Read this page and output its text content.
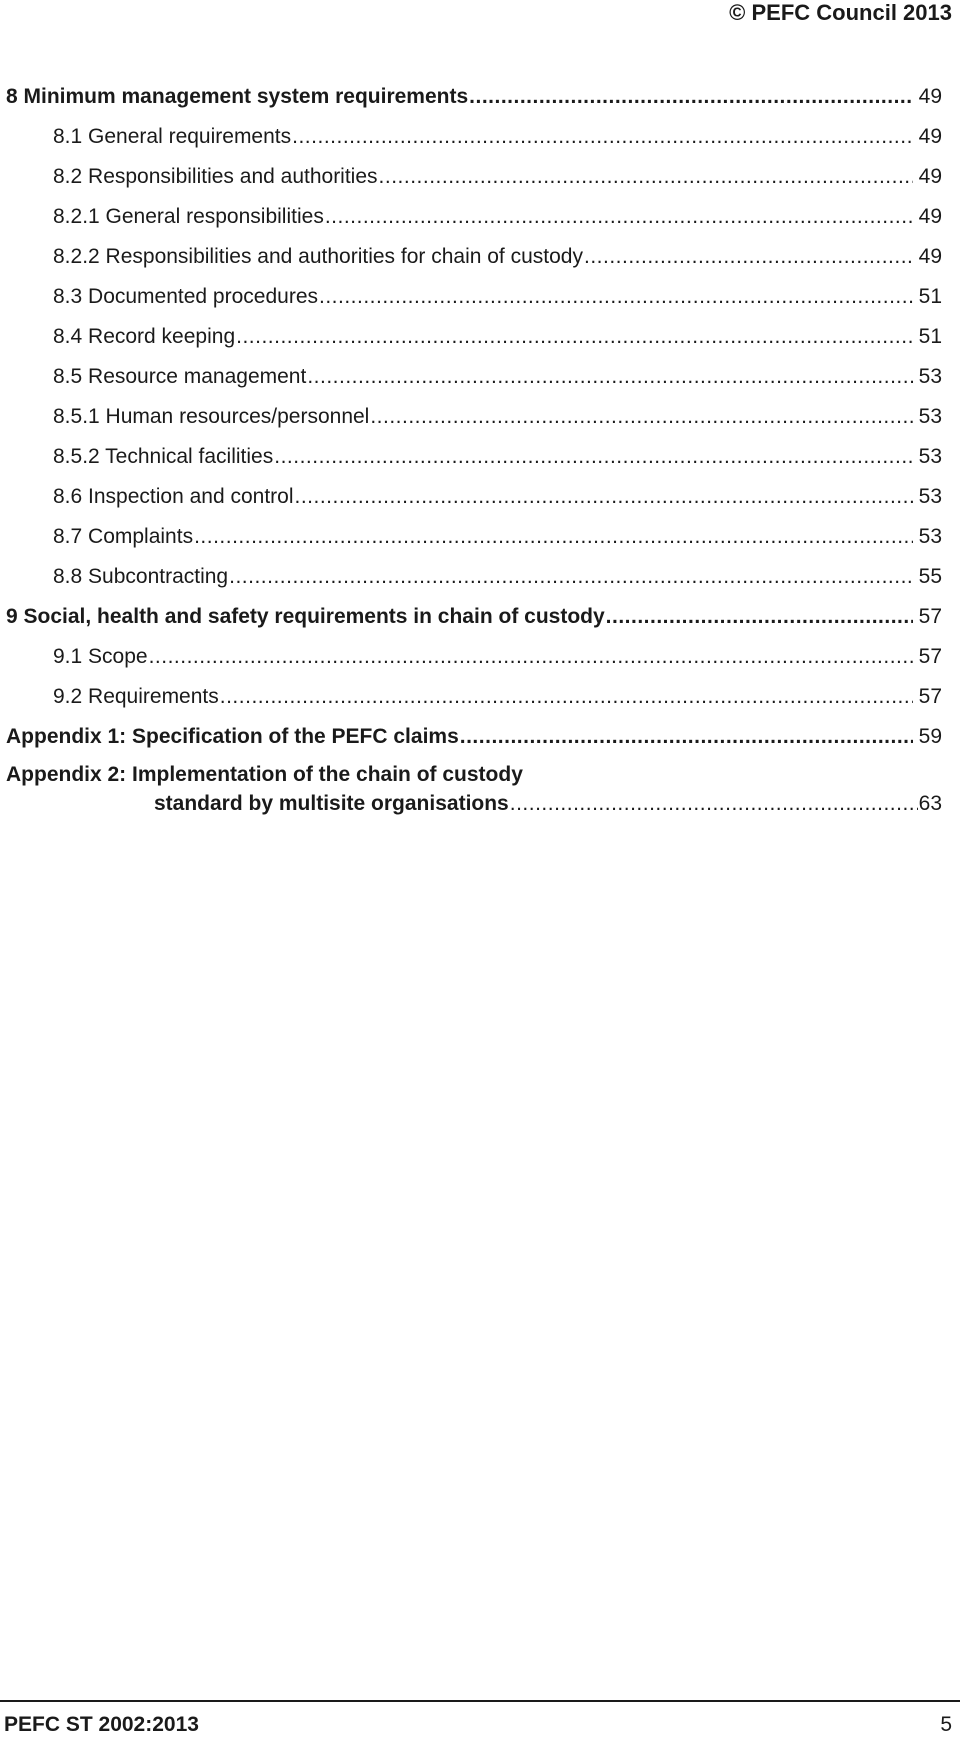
© PEFC Council 2013
8 Minimum management system requirements .....	49
8.1 General requirements .....	49
8.2 Responsibilities and authorities .....	49
8.2.1 General responsibilities .....	49
8.2.2 Responsibilities and authorities for chain of custody .....	49
8.3 Documented procedures .....	51
8.4 Record keeping .....	51
8.5 Resource management .....	53
8.5.1 Human resources/personnel .....	53
8.5.2 Technical facilities .....	53
8.6 Inspection and control .....	53
8.7 Complaints .....	53
8.8 Subcontracting .....	55
9 Social, health and safety requirements in chain of custody .....	57
9.1 Scope .....	57
9.2 Requirements .....	57
Appendix 1: Specification of the PEFC claims .....	59
Appendix 2: Implementation of the chain of custody
standard by multisite organisations .....	63
PEFC ST 2002:2013	5
